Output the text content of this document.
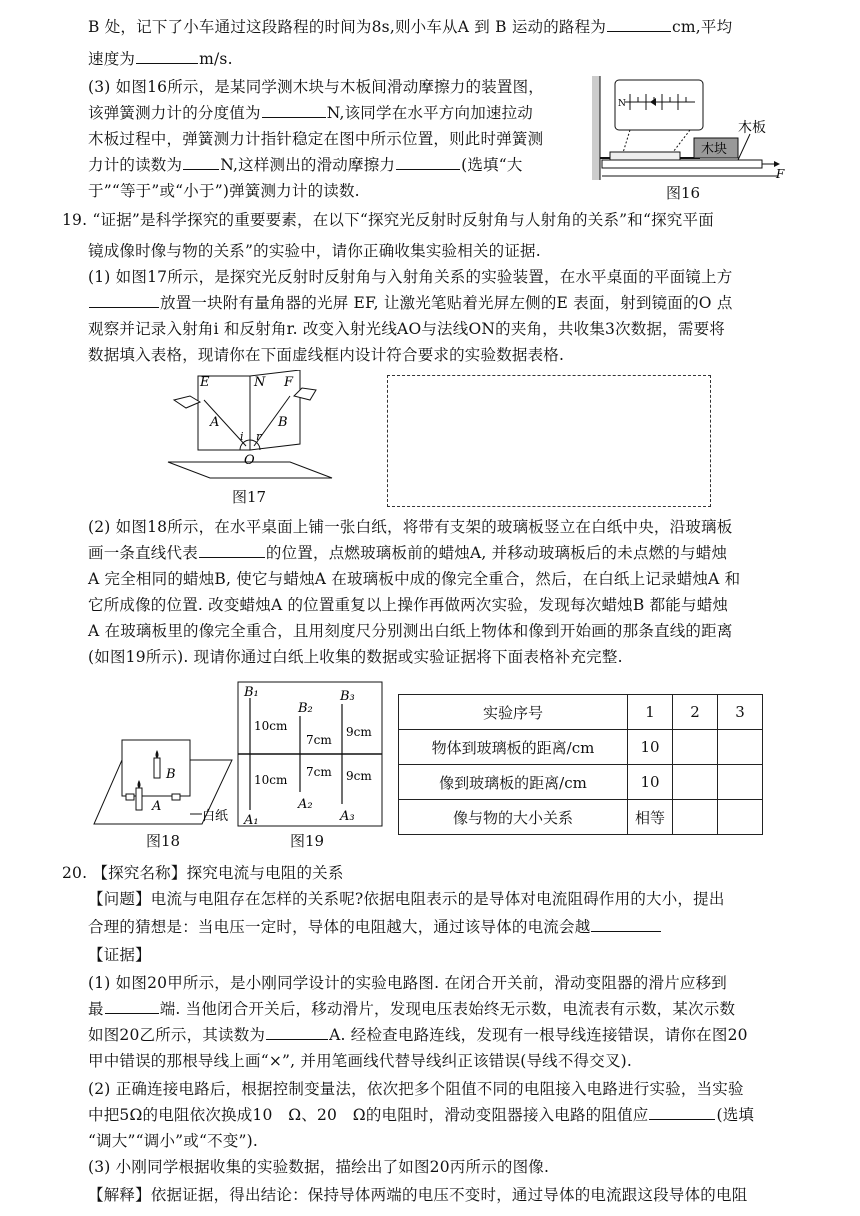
B 处，记下了小车通过这段路程的时间为8s,则小车从A 到 B 运动的路程为	cm,平均
速度为	m/s.
(3) 如图16所示，是某同学测木块与木板间滑动摩擦力的装置图，
该弹簧测力计的分度值为	N,该同学在水平方向加速拉动
木板过程中，弹簧测力计指针稳定在图中所示位置，则此时弹簧测
力计的读数为 N,这样测出的滑动摩擦力	(选填“大
于”“等于”或“小于”)弹簧测力计的读数.
N
木块
F
木板
图16
19. “证据”是科学探究的重要要素，在以下“探究光反射时反射角与人射角的关系”和“探究平面
镜成像时像与物的关系”的实验中，请你正确收集实验相关的证据.
(1) 如图17所示，是探究光反射时反射角与入射角关系的实验装置，在水平桌面的平面镜上方
放置一块附有量角器的光屏 EF, 让激光笔贴着光屏左侧的E 表面，射到镜面的O 点
观察并记录入射角i 和反射角r. 改变入射光线AO与法线ON的夹角，共收集3次数据，需要将
数据填入表格，现请你在下面虚线框内设计符合要求的实验数据表格.
E	N F
A	B
i r
O
图17
(2) 如图18所示，在水平桌面上铺一张白纸，将带有支架的玻璃板竖立在白纸中央，沿玻璃板
画一条直线代表	的位置，点燃玻璃板前的蜡烛A, 并移动玻璃板后的未点燃的与蜡烛
A 完全相同的蜡烛B, 使它与蜡烛A 在玻璃板中成的像完全重合，然后，在白纸上记录蜡烛A 和
它所成像的位置. 改变蜡烛A 的位置重复以上操作再做两次实验，发现每次蜡烛B 都能与蜡烛
A 在玻璃板里的像完全重合，且用刻度尺分别测出白纸上物体和像到开始画的那条直线的距离
(如图19所示). 现请你通过白纸上收集的数据或实验证据将下面表格补充完整.
B
A
白纸
图18
B₁
B₂
B₃
A₁
A₂
A₃
10cm
7cm
9cm
10cm
7cm 9cm
图19
实验序号	1	2	3
物体到玻璃板的距离/cm	10		
像到玻璃板的距离/cm	10		
像与物的大小关系	相等		
20. 【探究名称】探究电流与电阻的关系
【问题】电流与电阻存在怎样的关系呢?依据电阻表示的是导体对电流阻碍作用的大小，提出
合理的猜想是：当电压一定时，导体的电阻越大，通过该导体的电流会越
【证据】
(1) 如图20甲所示，是小刚同学设计的实验电路图. 在闭合开关前，滑动变阻器的滑片应移到
最	端. 当他闭合开关后，移动滑片，发现电压表始终无示数，电流表有示数，某次示数
如图20乙所示，其读数为	A. 经检查电路连线，发现有一根导线连接错误，请你在图20
甲中错误的那根导线上画“×”, 并用笔画线代替导线纠正该错误(导线不得交叉).
(2) 正确连接电路后，根据控制变量法，依次把多个阻值不同的电阻接入电路进行实验，当实验
中把5Ω的电阻依次换成10　Ω、20　Ω的电阻时，滑动变阻器接入电路的阻值应	(选填
“调大”“调小”或“不变”).
(3) 小刚同学根据收集的实验数据，描绘出了如图20丙所示的图像.
【解释】依据证据，得出结论：保持导体两端的电压不变时，通过导体的电流跟这段导体的电阻
